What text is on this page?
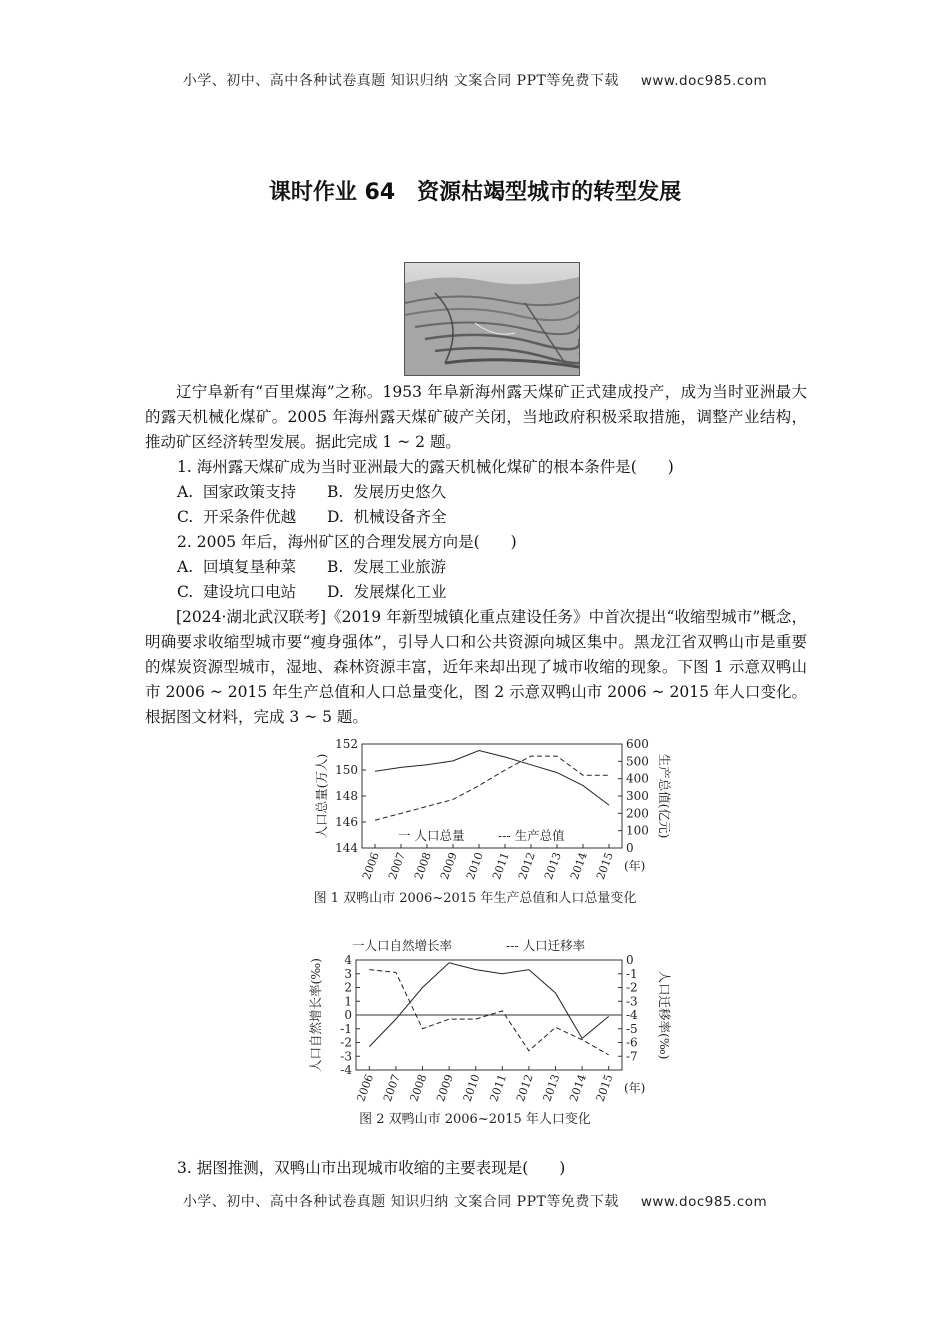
小学、初中、高中各种试卷真题 知识归纳 文案合同 PPT等免费下载 www.doc985.com
课时作业 64　资源枯竭型城市的转型发展

辽宁阜新有“百里煤海”之称。1953 年阜新海州露天煤矿正式建成投产，成为当时亚洲最大的露天机械化煤矿。2005 年海州露天煤矿破产关闭，当地政府积极采取措施，调整产业结构，推动矿区经济转型发展。据此完成 1 ~ 2 题。

1. 海州露天煤矿成为当时亚洲最大的露天机械化煤矿的根本条件是(　　)

A.  国家政策支持 B.  发展历史悠久

C.  开采条件优越 D.  机械设备齐全

2. 2005 年后，海州矿区的合理发展方向是(　　)

A.  回填复垦种菜 B.  发展工业旅游

C.  建设坑口电站 D.  发展煤化工业

[2024·湖北武汉联考]《2019 年新型城镇化重点建设任务》中首次提出“收缩型城市”概念，明确要求收缩型城市要“瘦身强体”，引导人口和公共资源向城区集中。黑龙江省双鸭山市是重要的煤炭资源型城市，湿地、森林资源丰富，近年来却出现了城市收缩的现象。下图 1 示意双鸭山市 2006 ~ 2015 年生产总值和人口总量变化，图 2 示意双鸭山市 2006 ~ 2015 年人口变化。根据图文材料，完成 3 ~ 5 题。

152
150
148
146
144
600
500
400
300
200
100
0
2006 2007 2008 2009 2010 2011 2012 2013 2014 2015 (年)
人口总量(万人)	生产总值(亿元)
一 人口总量	--- 生产总值
图 1 双鸭山市 2006~2015 年生产总值和人口总量变化
4
3
2
1
0
-1
-2
-3
-4
0
-1
-2
-3
-4
-5
-6
-7
2006 2007 2008 2009 2010 2011 2012 2013 2014 2015 (年)
人口自然增长率(‰)	人口迁移率(‰)
一人口自然增长率	--- 人口迁移率
图 2 双鸭山市 2006~2015 年人口变化

3. 据图推测，双鸭山市出现城市收缩的主要表现是(　　)

小学、初中、高中各种试卷真题 知识归纳 文案合同 PPT等免费下载 www.doc985.com
